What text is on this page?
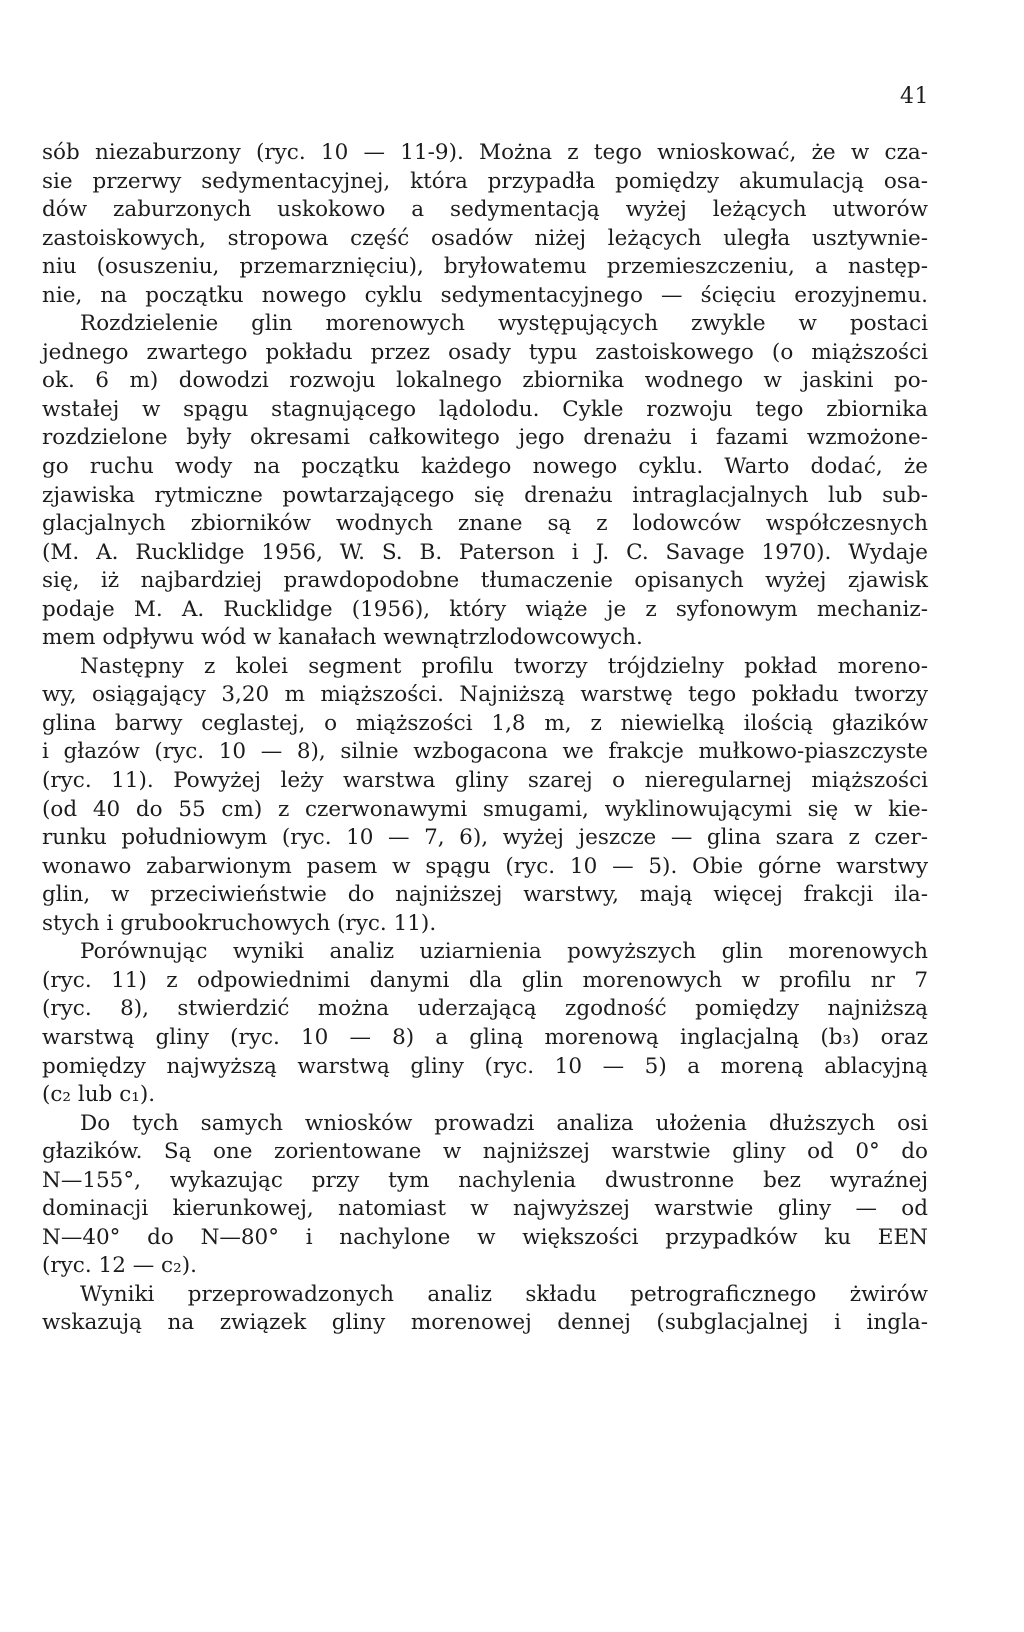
41
sób niezaburzony (ryc. 10 — 11-9). Można z tego wnioskować, że w cza-
sie przerwy sedymentacyjnej, która przypadła pomiędzy akumulacją osa-
dów zaburzonych uskokowo a sedymentacją wyżej leżących utworów
zastoiskowych, stropowa część osadów niżej leżących uległa usztywnie-
niu (osuszeniu, przemarznięciu), bryłowatemu przemieszczeniu, a następ-
nie, na początku nowego cyklu sedymentacyjnego — ścięciu erozyjnemu.
Rozdzielenie glin morenowych występujących zwykle w postaci
jednego zwartego pokładu przez osady typu zastoiskowego (o miąższości
ok. 6 m) dowodzi rozwoju lokalnego zbiornika wodnego w jaskini po-
wstałej w spągu stagnującego lądolodu. Cykle rozwoju tego zbiornika
rozdzielone były okresami całkowitego jego drenażu i fazami wzmożone-
go ruchu wody na początku każdego nowego cyklu. Warto dodać, że
zjawiska rytmiczne powtarzającego się drenażu intraglacjalnych lub sub-
glacjalnych zbiorników wodnych znane są z lodowców współczesnych
(M. A. Rucklidge 1956, W. S. B. Paterson i J. C. Savage 1970). Wydaje
się, iż najbardziej prawdopodobne tłumaczenie opisanych wyżej zjawisk
podaje M. A. Rucklidge (1956), który wiąże je z syfonowym mechaniz-
mem odpływu wód w kanałach wewnątrzlodowcowych.
Następny z kolei segment profilu tworzy trójdzielny pokład moreno-
wy, osiągający 3,20 m miąższości. Najniższą warstwę tego pokładu tworzy
glina barwy ceglastej, o miąższości 1,8 m, z niewielką ilością głazików
i głazów (ryc. 10 — 8), silnie wzbogacona we frakcje mułkowo-piaszczyste
(ryc. 11). Powyżej leży warstwa gliny szarej o nieregularnej miąższości
(od 40 do 55 cm) z czerwonawymi smugami, wyklinowującymi się w kie-
runku południowym (ryc. 10 — 7, 6), wyżej jeszcze — glina szara z czer-
wonawo zabarwionym pasem w spągu (ryc. 10 — 5). Obie górne warstwy
glin, w przeciwieństwie do najniższej warstwy, mają więcej frakcji ila-
stych i grubookruchowych (ryc. 11).
Porównując wyniki analiz uziarnienia powyższych glin morenowych
(ryc. 11) z odpowiednimi danymi dla glin morenowych w profilu nr 7
(ryc. 8), stwierdzić można uderzającą zgodność pomiędzy najniższą
warstwą gliny (ryc. 10 — 8) a gliną morenową inglacjalną (b₃) oraz
pomiędzy najwyższą warstwą gliny (ryc. 10 — 5) a moreną ablacyjną
(c₂ lub c₁).
Do tych samych wniosków prowadzi analiza ułożenia dłuższych osi
głazików. Są one zorientowane w najniższej warstwie gliny od 0° do
N—155°, wykazując przy tym nachylenia dwustronne bez wyraźnej
dominacji kierunkowej, natomiast w najwyższej warstwie gliny — od
N—40° do N—80° i nachylone w większości przypadków ku EEN
(ryc. 12 — c₂).
Wyniki przeprowadzonych analiz składu petrograficznego żwirów
wskazują na związek gliny morenowej dennej (subglacjalnej i ingla-
